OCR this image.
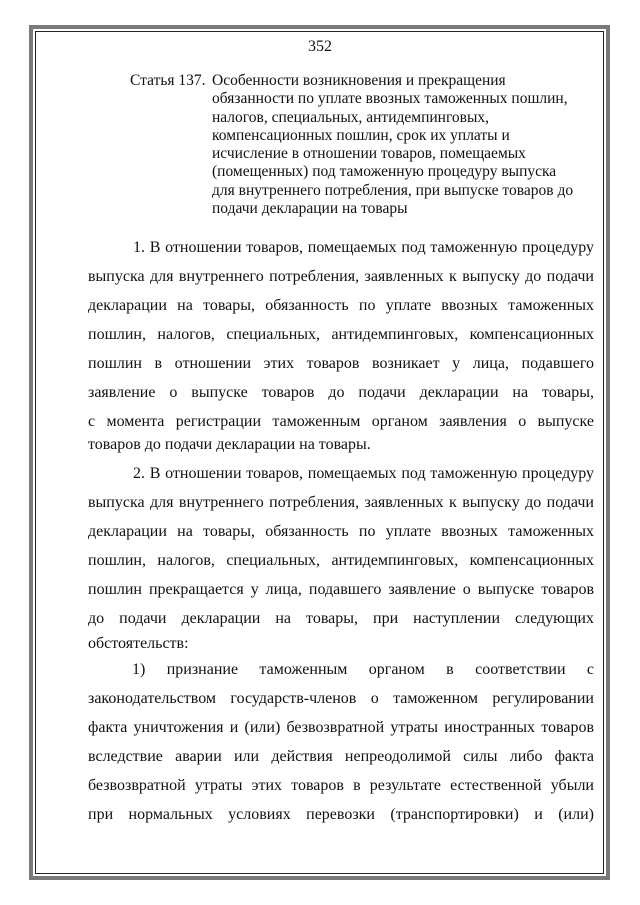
352
Статья 137. Особенности возникновения и прекращения
обязанности по уплате ввозных таможенных пошлин,
налогов, специальных, антидемпинговых,
компенсационных пошлин, срок их уплаты и
исчисление в отношении товаров, помещаемых
(помещенных) под таможенную процедуру выпуска
для внутреннего потребления, при выпуске товаров до
подачи декларации на товары
1. В отношении товаров, помещаемых под таможенную процедуру
выпуска для внутреннего потребления, заявленных к выпуску до подачи
декларации на товары, обязанность по уплате ввозных таможенных
пошлин, налогов, специальных, антидемпинговых, компенсационных
пошлин в отношении этих товаров возникает у лица, подавшего
заявление о выпуске товаров до подачи декларации на товары,
с момента регистрации таможенным органом заявления о выпуске
товаров до подачи декларации на товары.
2. В отношении товаров, помещаемых под таможенную процедуру
выпуска для внутреннего потребления, заявленных к выпуску до подачи
декларации на товары, обязанность по уплате ввозных таможенных
пошлин, налогов, специальных, антидемпинговых, компенсационных
пошлин прекращается у лица, подавшего заявление о выпуске товаров
до подачи декларации на товары, при наступлении следующих
обстоятельств:
1) признание таможенным органом в соответствии с
законодательством государств-членов о таможенном регулировании
факта уничтожения и (или) безвозвратной утраты иностранных товаров
вследствие аварии или действия непреодолимой силы либо факта
безвозвратной утраты этих товаров в результате естественной убыли
при нормальных условиях перевозки (транспортировки) и (или)
